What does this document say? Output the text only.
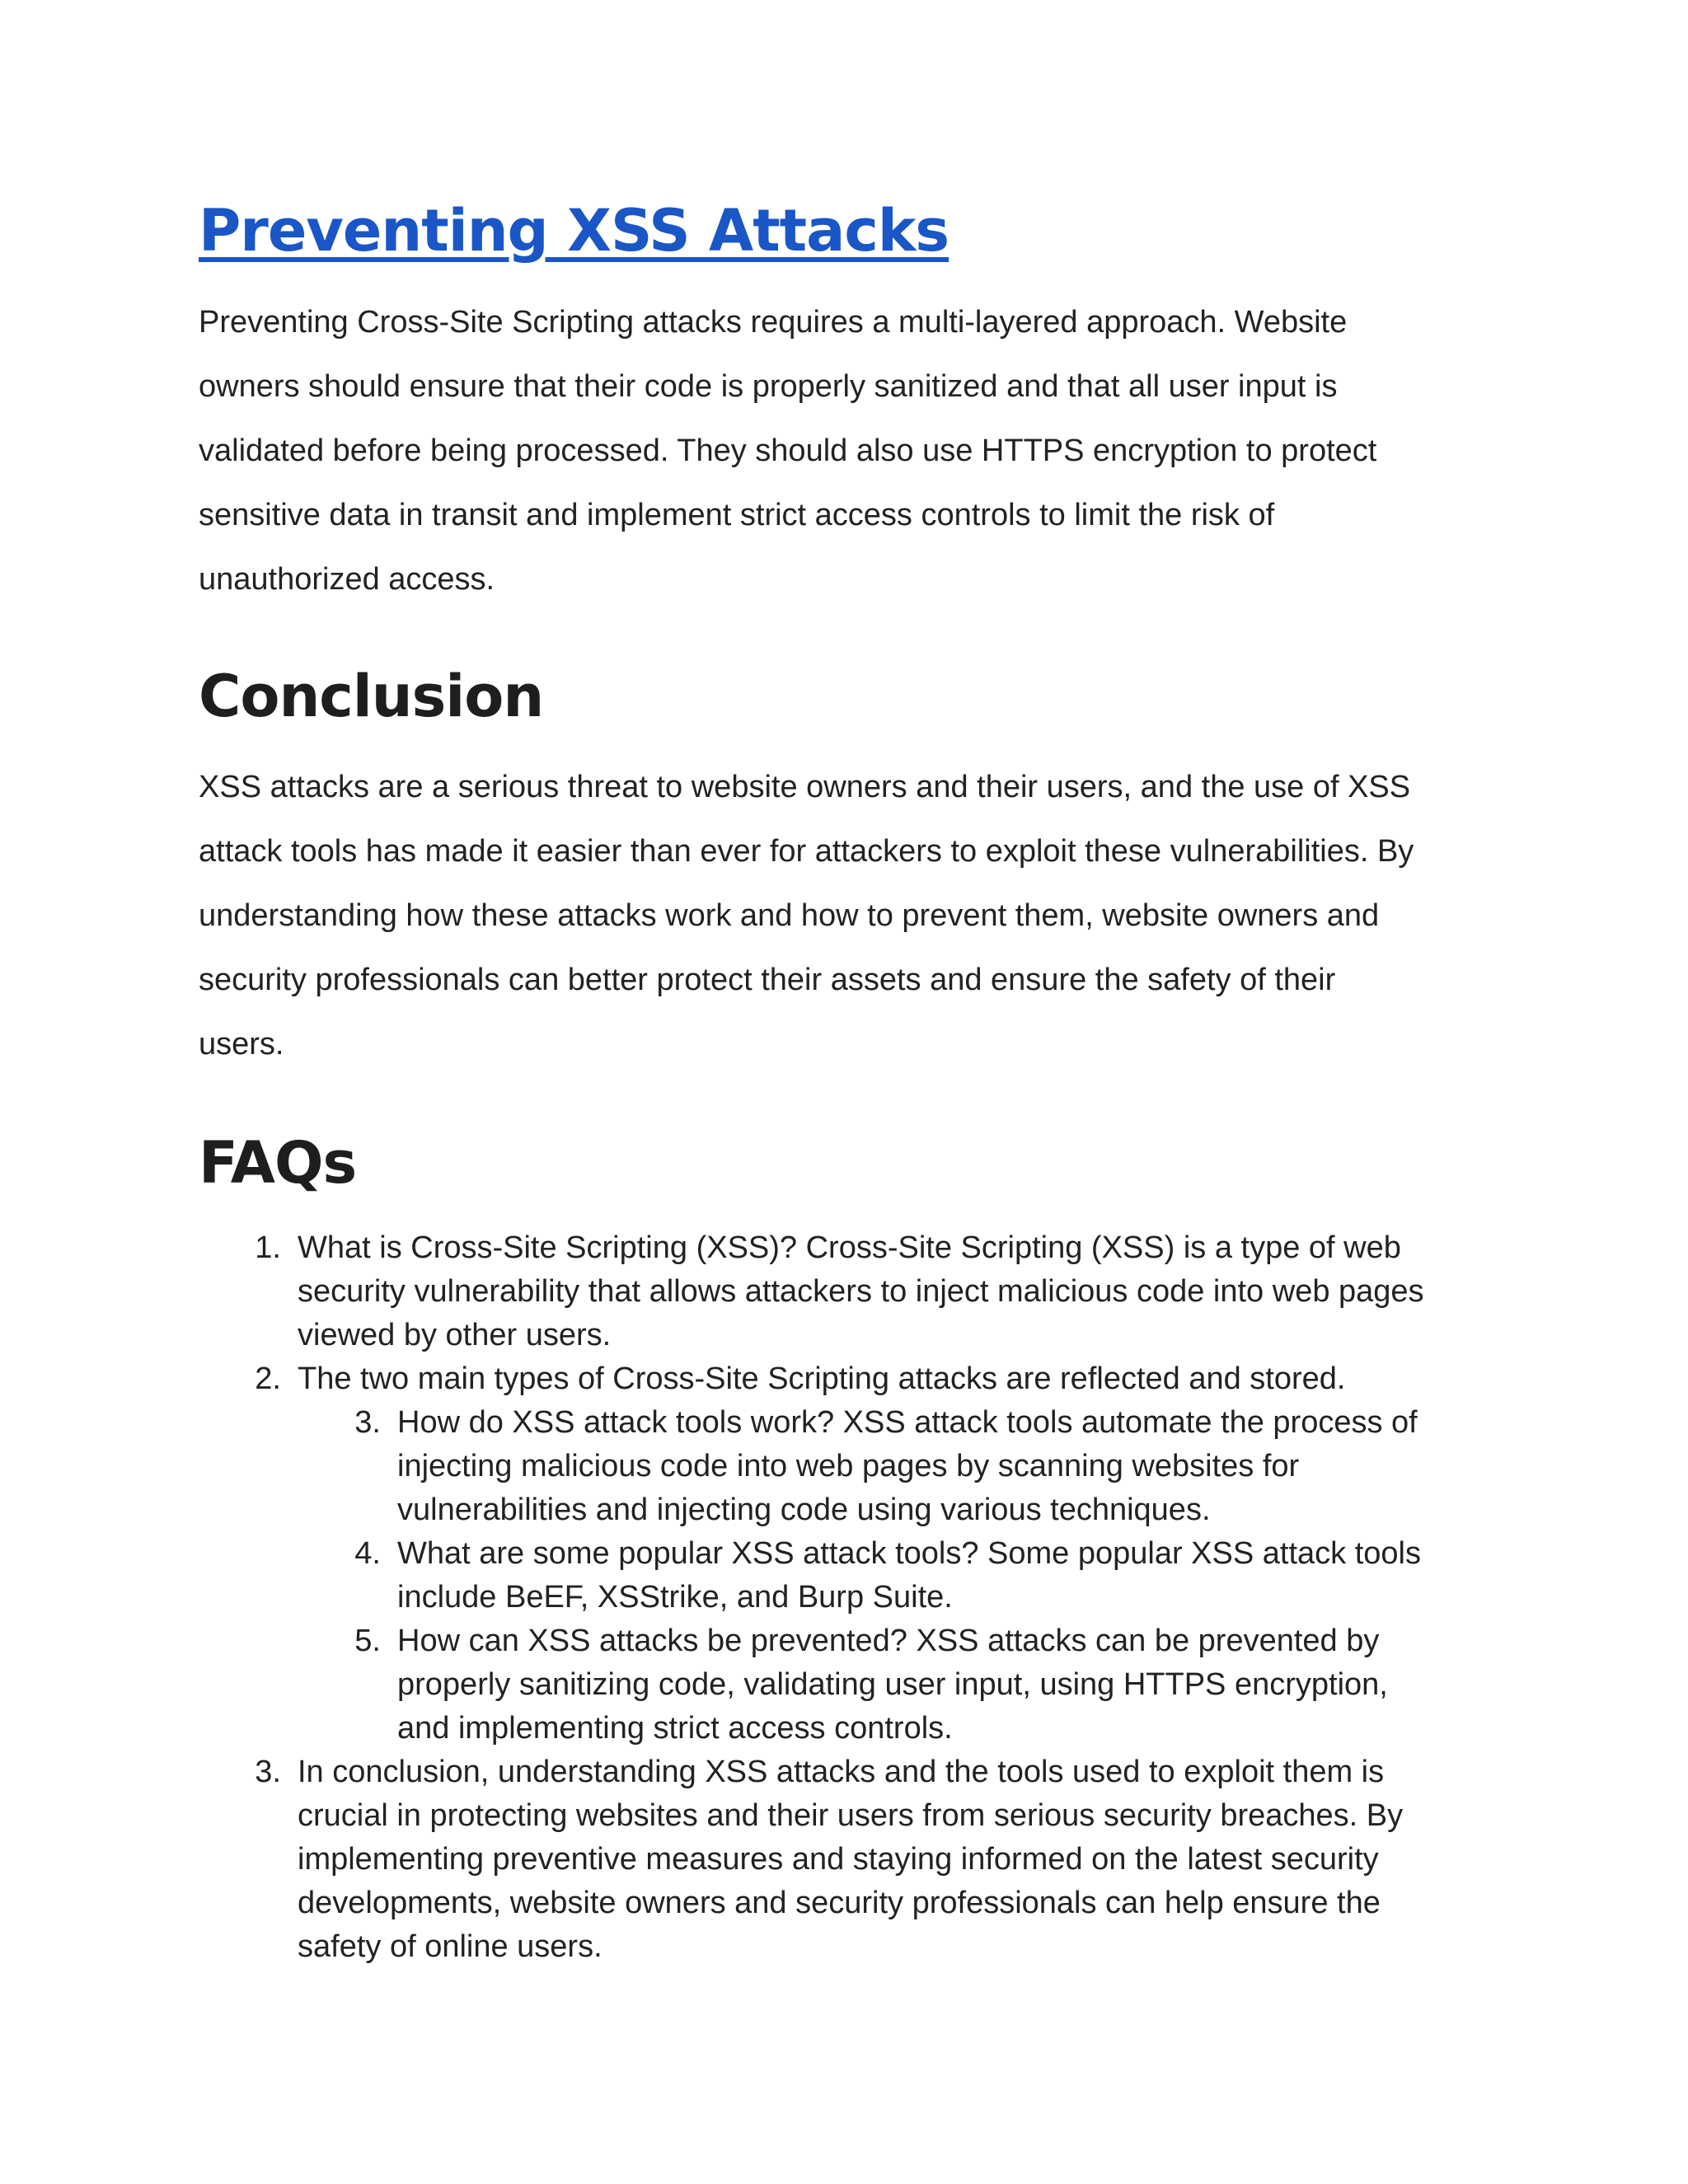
Preventing XSS Attacks

Preventing Cross-Site Scripting attacks requires a multi-layered approach. Website
owners should ensure that their code is properly sanitized and that all user input is
validated before being processed. They should also use HTTPS encryption to protect
sensitive data in transit and implement strict access controls to limit the risk of
unauthorized access.

Conclusion

XSS attacks are a serious threat to website owners and their users, and the use of XSS
attack tools has made it easier than ever for attackers to exploit these vulnerabilities. By
understanding how these attacks work and how to prevent them, website owners and
security professionals can better protect their assets and ensure the safety of their
users.

FAQs
1. What is Cross-Site Scripting (XSS)? Cross-Site Scripting (XSS) is a type of web
security vulnerability that allows attackers to inject malicious code into web pages
viewed by other users.
2. The two main types of Cross-Site Scripting attacks are reflected and stored.
3. How do XSS attack tools work? XSS attack tools automate the process of
injecting malicious code into web pages by scanning websites for
vulnerabilities and injecting code using various techniques.
4. What are some popular XSS attack tools? Some popular XSS attack tools
include BeEF, XSStrike, and Burp Suite.
5. How can XSS attacks be prevented? XSS attacks can be prevented by
properly sanitizing code, validating user input, using HTTPS encryption,
and implementing strict access controls.
3. In conclusion, understanding XSS attacks and the tools used to exploit them is
crucial in protecting websites and their users from serious security breaches. By
implementing preventive measures and staying informed on the latest security
developments, website owners and security professionals can help ensure the
safety of online users.
